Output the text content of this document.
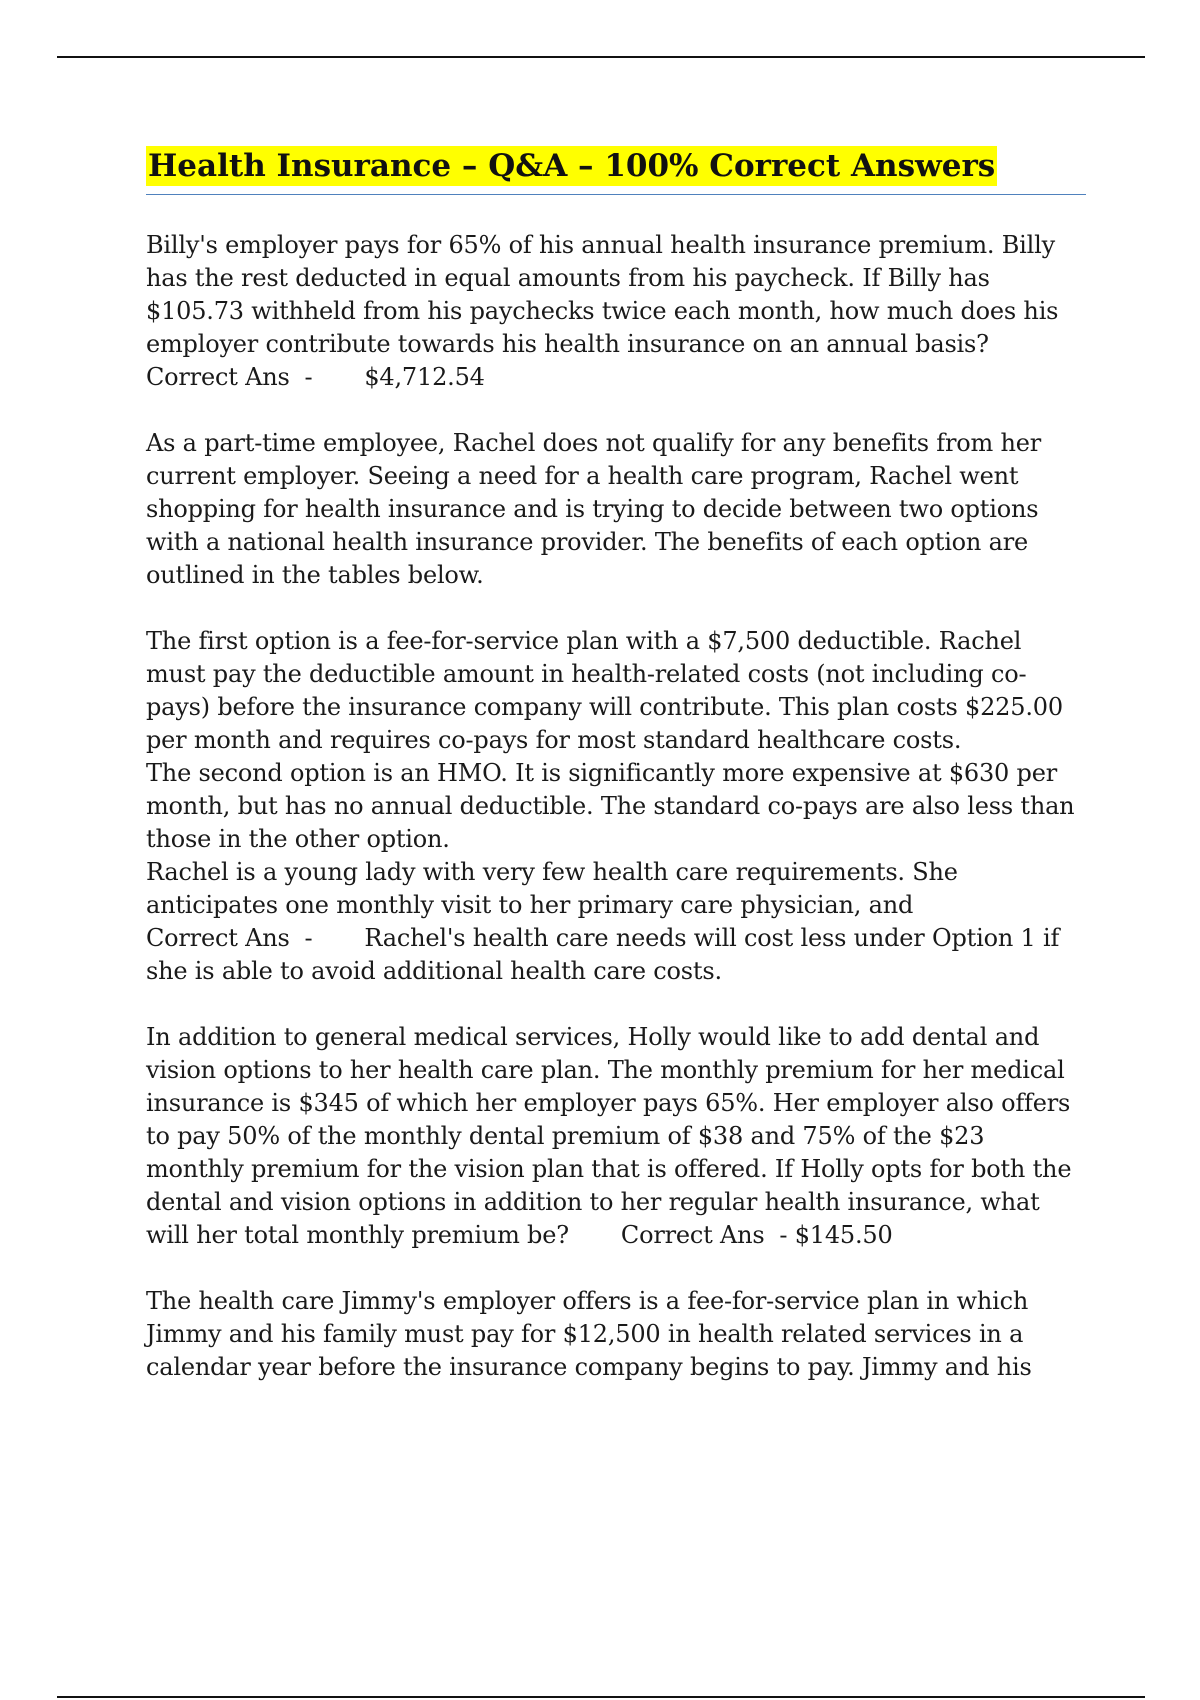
Health Insurance – Q&A – 100% Correct Answers

Billy's employer pays for 65% of his annual health insurance premium. Billy has the rest deducted in equal amounts from his paycheck. If Billy has $105.73 withheld from his paychecks twice each month, how much does his employer contribute towards his health insurance on an annual basis?
Correct Ans  - $4,712.54

As a part-time employee, Rachel does not qualify for any benefits from her current employer. Seeing a need for a health care program, Rachel went shopping for health insurance and is trying to decide between two options with a national health insurance provider. The benefits of each option are outlined in the tables below.

The first option is a fee-for-service plan with a $7,500 deductible. Rachel must pay the deductible amount in health-related costs (not including co-pays) before the insurance company will contribute. This plan costs $225.00 per month and requires co-pays for most standard healthcare costs.

The second option is an HMO. It is significantly more expensive at $630 per month, but has no annual deductible. The standard co-pays are also less than those in the other option.

Rachel is a young lady with very few health care requirements. She anticipates one monthly visit to her primary care physician, and
Correct Ans  - Rachel's health care needs will cost less under Option 1 if she is able to avoid additional health care costs.

In addition to general medical services, Holly would like to add dental and vision options to her health care plan. The monthly premium for her medical insurance is $345 of which her employer pays 65%. Her employer also offers to pay 50% of the monthly dental premium of $38 and 75% of the $23 monthly premium for the vision plan that is offered. If Holly opts for both the dental and vision options in addition to her regular health insurance, what will her total monthly premium be? Correct Ans  - $145.50

The health care Jimmy's employer offers is a fee-for-service plan in which Jimmy and his family must pay for $12,500 in health related services in a calendar year before the insurance company begins to pay. Jimmy and his
